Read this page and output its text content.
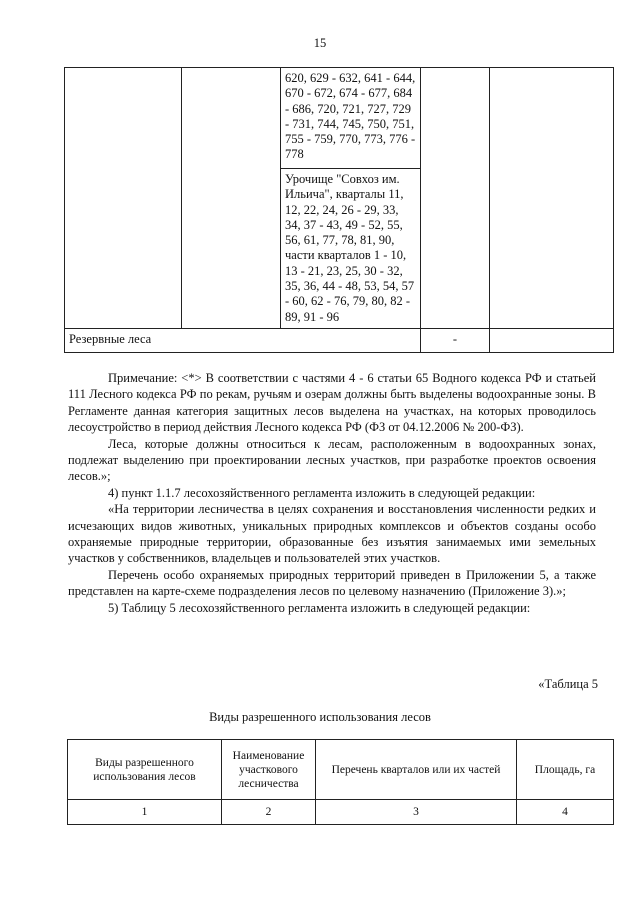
15
		620, 629 - 632, 641 - 644, 670 - 672, 674 - 677, 684 - 686, 720, 721, 727, 729 - 731, 744, 745, 750, 751, 755 - 759, 770, 773, 776 - 778		
		Урочище "Совхоз им. Ильича", кварталы 11, 12, 22, 24, 26 - 29, 33, 34, 37 - 43, 49 - 52, 55, 56, 61, 77, 78, 81, 90, части кварталов 1 - 10, 13 - 21, 23, 25, 30 - 32, 35, 36, 44 - 48, 53, 54, 57 - 60, 62 - 76, 79, 80, 82 - 89, 91 - 96		
Резервные леса			-	

Примечание: <*> В соответствии с частями 4 - 6 статьи 65 Водного кодекса РФ и статьей 111 Лесного кодекса РФ по рекам, ручьям и озерам должны быть выделены водоохранные зоны. В Регламенте данная категория защитных лесов выделена на участках, на которых проводилось лесоустройство в период действия Лесного кодекса РФ (ФЗ от 04.12.2006 № 200-ФЗ).

Леса, которые должны относиться к лесам, расположенным в водоохранных зонах, подлежат выделению при проектировании лесных участков, при разработке проектов освоения лесов.»;

4) пункт 1.1.7 лесохозяйственного регламента изложить в следующей редакции:

«На территории лесничества в целях сохранения и восстановления численности редких и исчезающих видов животных, уникальных природных комплексов и объектов созданы особо охраняемые природные территории, образованные без изъятия занимаемых ими земельных участков у собственников, владельцев и пользователей этих участков.

Перечень особо охраняемых природных территорий приведен в Приложении 5, а также представлен на карте-схеме подразделения лесов по целевому назначению (Приложение 3).»;

5) Таблицу 5 лесохозяйственного регламента изложить в следующей редакции:

«Таблица 5
Виды разрешенного использования лесов
Виды разрешенного использования лесов	Наименование участкового лесничества	Перечень кварталов или их частей	Площадь, га
1	2	3	4
